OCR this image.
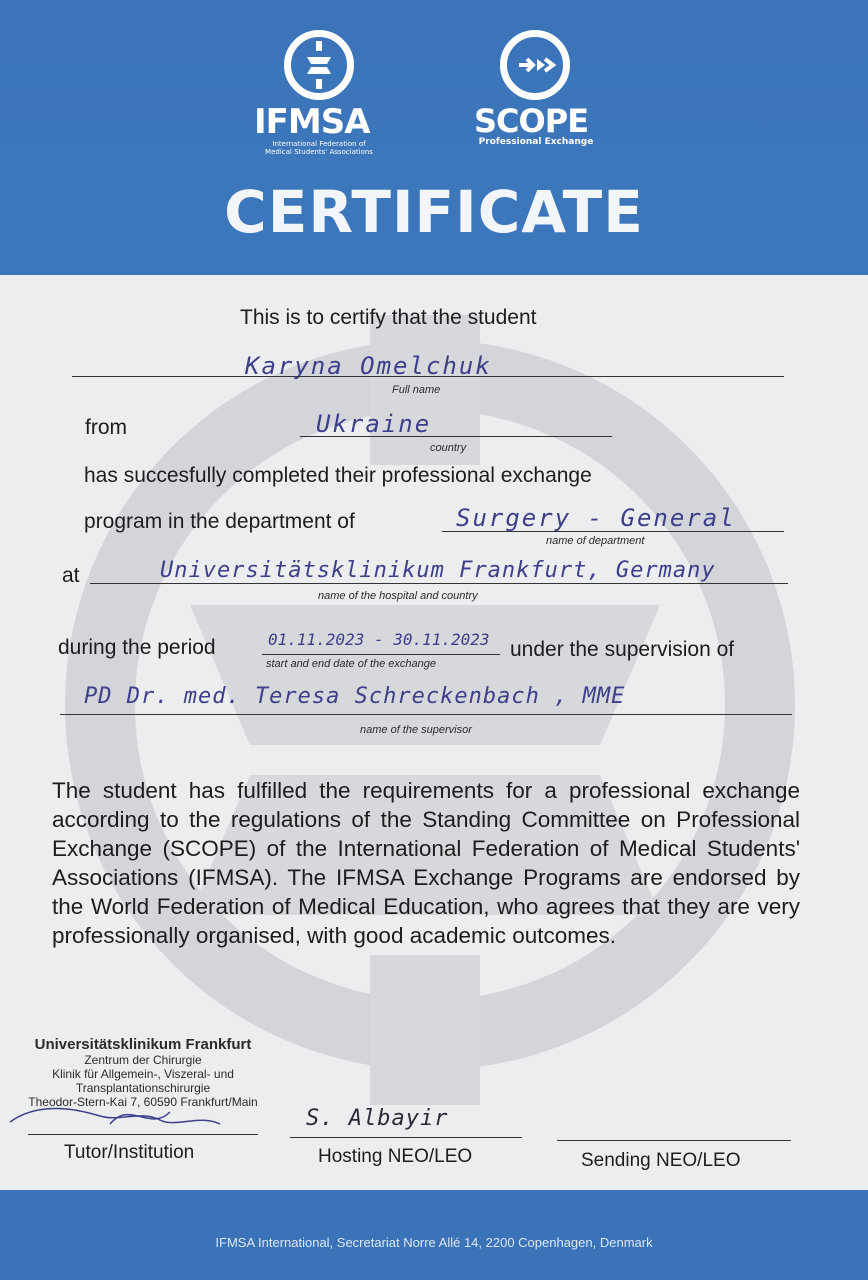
IFMSA
International Federation of
Medical Students' Associations
SCOPE
Professional Exchange
CERTIFICATE
This is to certify that the student
Karyna Omelchuk
Full name
from	Ukraine
country
has succesfully completed their professional exchange
program in the department of	Surgery - General
name of department
at	Universitätsklinikum Frankfurt, Germany
name of the hospital and country
during the period	01.11.2023 - 30.11.2023
start and end date of the exchange
under the supervision of
PD Dr. med. Teresa Schreckenbach , MME
name of the supervisor
The student has fulfilled the requirements for a professional exchange according to the regulations of the Standing Committee on Professional Exchange (SCOPE) of the International Federation of Medical Students' Associations (IFMSA). The IFMSA Exchange Programs are endorsed by the World Federation of Medical Education, who agrees that they are very professionally organised, with good academic outcomes.
Universitätsklinikum Frankfurt
Zentrum der Chirurgie
Klinik für Allgemein-, Viszeral- und
Transplantationschirurgie
Theodor-Stern-Kai 7, 60590 Frankfurt/Main
Tutor/Institution
S. Albayir
Hosting NEO/LEO	Sending NEO/LEO
IFMSA International, Secretariat Norre Allé 14, 2200 Copenhagen, Denmark
